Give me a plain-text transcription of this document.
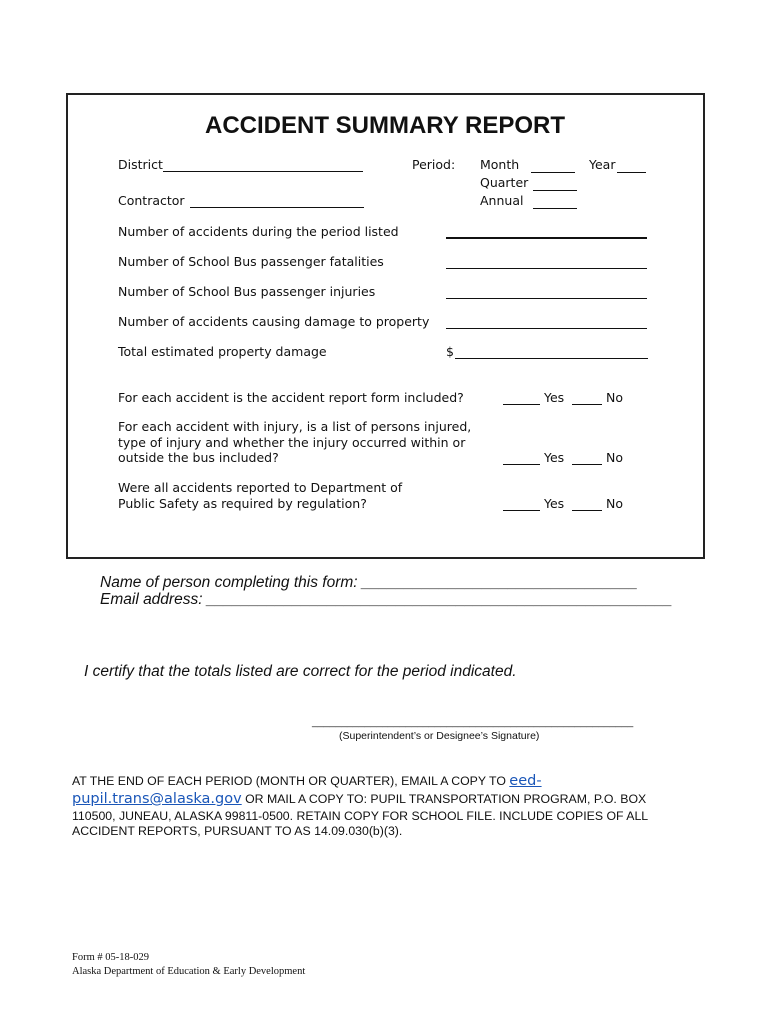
ACCIDENT SUMMARY REPORT
District	Period: Month	Year
Quarter
Annual
Contractor
Number of accidents during the period listed
Number of School Bus passenger fatalities
Number of School Bus passenger injuries
Number of accidents causing damage to property
Total estimated property damage	$
For each accident is the accident report form included?	Yes	No
For each accident with injury, is a list of persons injured,
type of injury and whether the injury occurred within or
outside the bus included?	Yes	No
Were all accidents reported to Department of
Public Safety as required by regulation?	Yes	No
Name of person completing this form: ________________________________
Email address: ______________________________________________________
I certify that the totals listed are correct for the period indicated.
_______________________________________________________
(Superintendent’s or Designee’s Signature)
AT THE END OF EACH PERIOD (MONTH OR QUARTER), EMAIL A COPY TO eed-
pupil.trans@alaska.gov OR MAIL A COPY TO: PUPIL TRANSPORTATION PROGRAM, P.O. BOX
110500, JUNEAU, ALASKA 99811-0500. RETAIN COPY FOR SCHOOL FILE. INCLUDE COPIES OF ALL
ACCIDENT REPORTS, PURSUANT TO AS 14.09.030(b)(3).
Form # 05-18-029
Alaska Department of Education & Early Development
